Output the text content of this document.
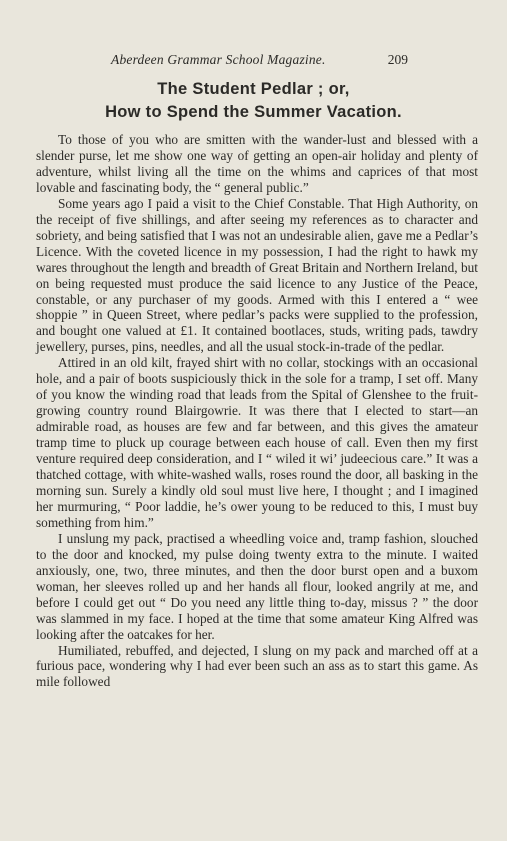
Aberdeen Grammar School Magazine.	209
The Student Pedlar ; or,
How to Spend the Summer Vacation.

To those of you who are smitten with the wander-lust and blessed with a slender purse, let me show one way of getting an open-air holiday and plenty of adventure, whilst living all the time on the whims and caprices of that most lovable and fascinating body, the “ general public.”

Some years ago I paid a visit to the Chief Constable. That High Authority, on the receipt of five shillings, and after seeing my references as to character and sobriety, and being satisfied that I was not an undesirable alien, gave me a Pedlar’s Licence. With the coveted licence in my possession, I had the right to hawk my wares throughout the length and breadth of Great Britain and Northern Ireland, but on being requested must produce the said licence to any Justice of the Peace, constable, or any purchaser of my goods. Armed with this I entered a “ wee shoppie ” in Queen Street, where pedlar’s packs were supplied to the profession, and bought one valued at £1. It contained bootlaces, studs, writing pads, tawdry jewellery, purses, pins, needles, and all the usual stock-in-trade of the pedlar.

Attired in an old kilt, frayed shirt with no collar, stockings with an occasional hole, and a pair of boots suspiciously thick in the sole for a tramp, I set off. Many of you know the winding road that leads from the Spital of Glenshee to the fruit-growing country round Blairgowrie. It was there that I elected to start—an admirable road, as houses are few and far between, and this gives the amateur tramp time to pluck up courage between each house of call. Even then my first venture required deep consideration, and I “ wiled it wi’ judeecious care.” It was a thatched cottage, with white-washed walls, roses round the door, all basking in the morning sun. Surely a kindly old soul must live here, I thought ; and I imagined her murmuring, “ Poor laddie, he’s ower young to be reduced to this, I must buy something from him.”

I unslung my pack, practised a wheedling voice and, tramp fashion, slouched to the door and knocked, my pulse doing twenty extra to the minute. I waited anxiously, one, two, three minutes, and then the door burst open and a buxom woman, her sleeves rolled up and her hands all flour, looked angrily at me, and before I could get out “ Do you need any little thing to-day, missus ? ” the door was slammed in my face. I hoped at the time that some amateur King Alfred was looking after the oatcakes for her.

Humiliated, rebuffed, and dejected, I slung on my pack and marched off at a furious pace, wondering why I had ever been such an ass as to start this game. As mile followed
